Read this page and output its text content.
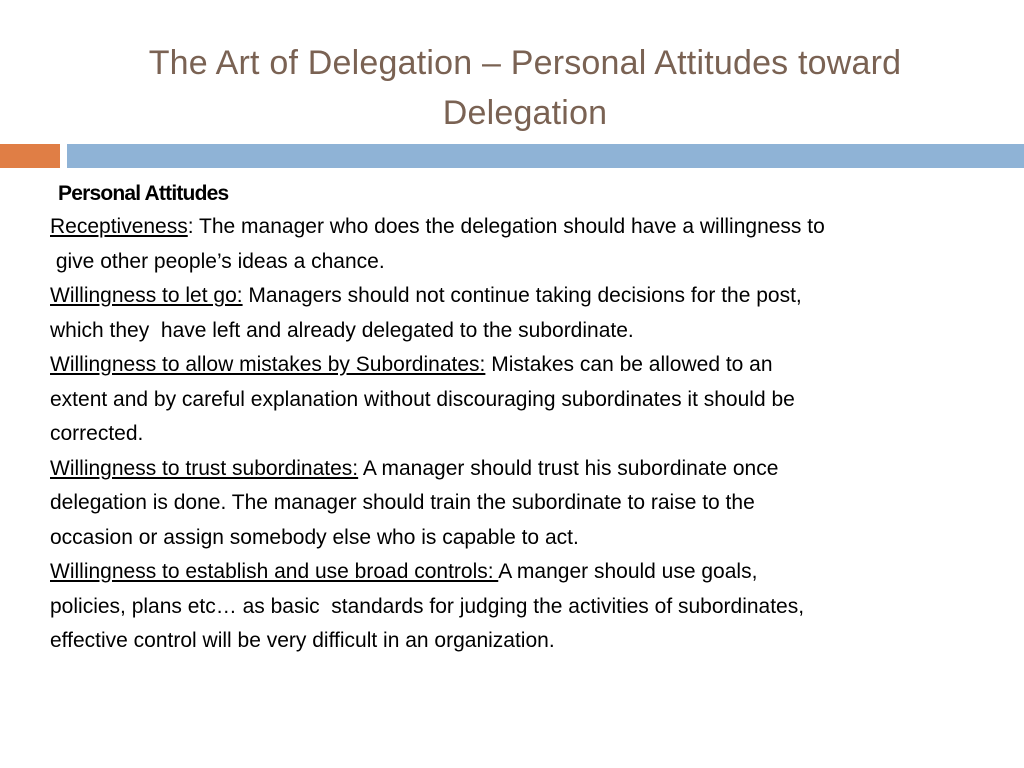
The Art of Delegation – Personal Attitudes toward
Delegation
Personal Attitudes
Receptiveness: The manager who does the delegation should have a willingness to
give other people’s ideas a chance.
Willingness to let go: Managers should not continue taking decisions for the post,
which they  have left and already delegated to the subordinate.
Willingness to allow mistakes by Subordinates: Mistakes can be allowed to an
extent and by careful explanation without discouraging subordinates it should be
corrected.
Willingness to trust subordinates: A manager should trust his subordinate once
delegation is done. The manager should train the subordinate to raise to the
occasion or assign somebody else who is capable to act.
Willingness to establish and use broad controls: A manger should use goals,
policies, plans etc… as basic  standards for judging the activities of subordinates,
effective control will be very difficult in an organization.
